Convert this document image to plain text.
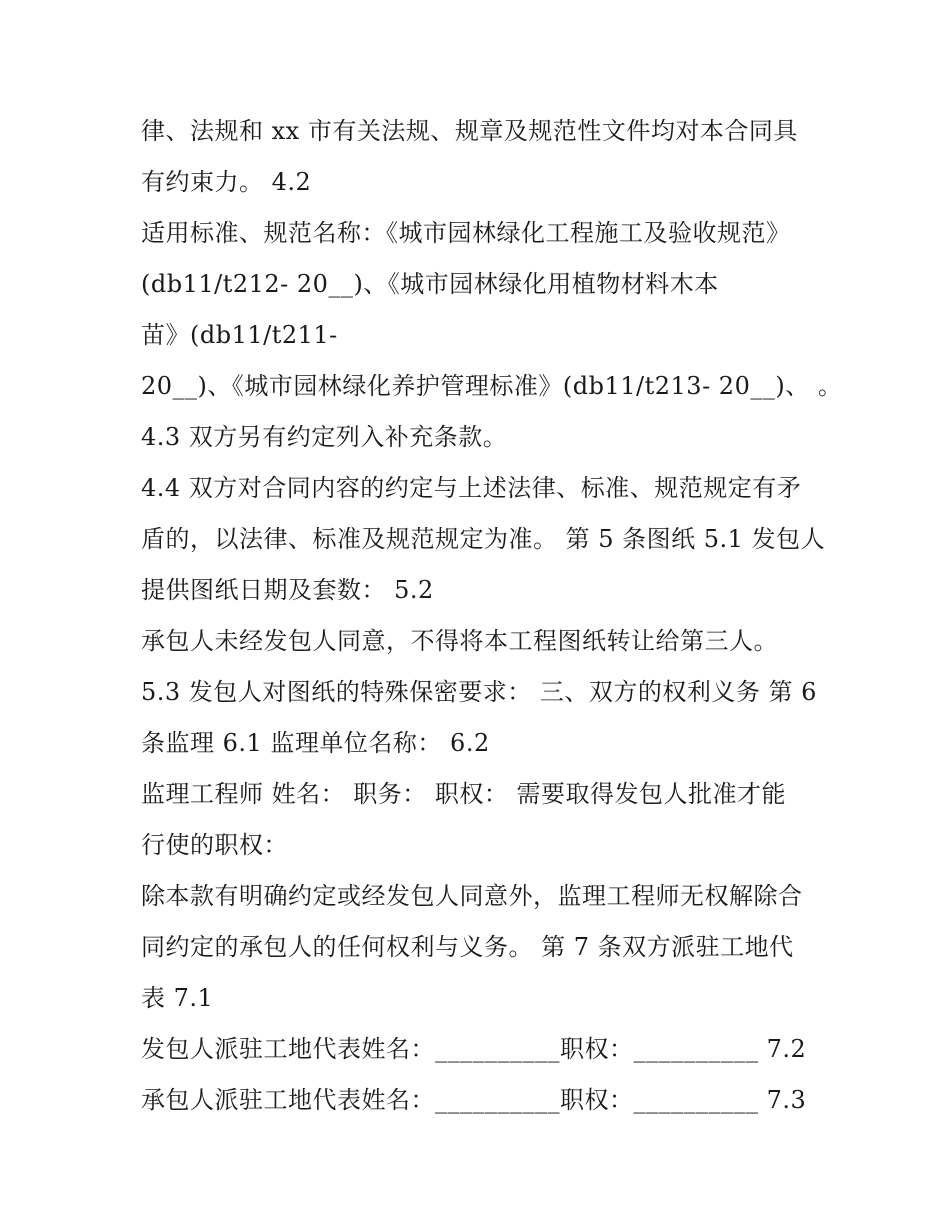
律、法规和 xx 市有关法规、规章及规范性文件均对本合同具
有约束力。 4.2
适用标准、规范名称：《城市园林绿化工程施工及验收规范》
(db11/t212- 20__)、《城市园林绿化用植物材料木本
苗》(db11/t211-
20__)、《城市园林绿化养护管理标准》(db11/t213- 20__)、 。
4.3 双方另有约定列入补充条款。
4.4 双方对合同内容的约定与上述法律、标准、规范规定有矛
盾的，以法律、标准及规范规定为准。 第 5 条图纸 5.1 发包人
提供图纸日期及套数： 5.2
承包人未经发包人同意，不得将本工程图纸转让给第三人。
5.3 发包人对图纸的特殊保密要求： 三、双方的权利义务 第 6
条监理 6.1 监理单位名称： 6.2
监理工程师 姓名： 职务： 职权： 需要取得发包人批准才能
行使的职权：
除本款有明确约定或经发包人同意外，监理工程师无权解除合
同约定的承包人的任何权利与义务。 第 7 条双方派驻工地代
表 7.1
发包人派驻工地代表姓名：__________职权：__________ 7.2
承包人派驻工地代表姓名：__________职权：__________ 7.3
